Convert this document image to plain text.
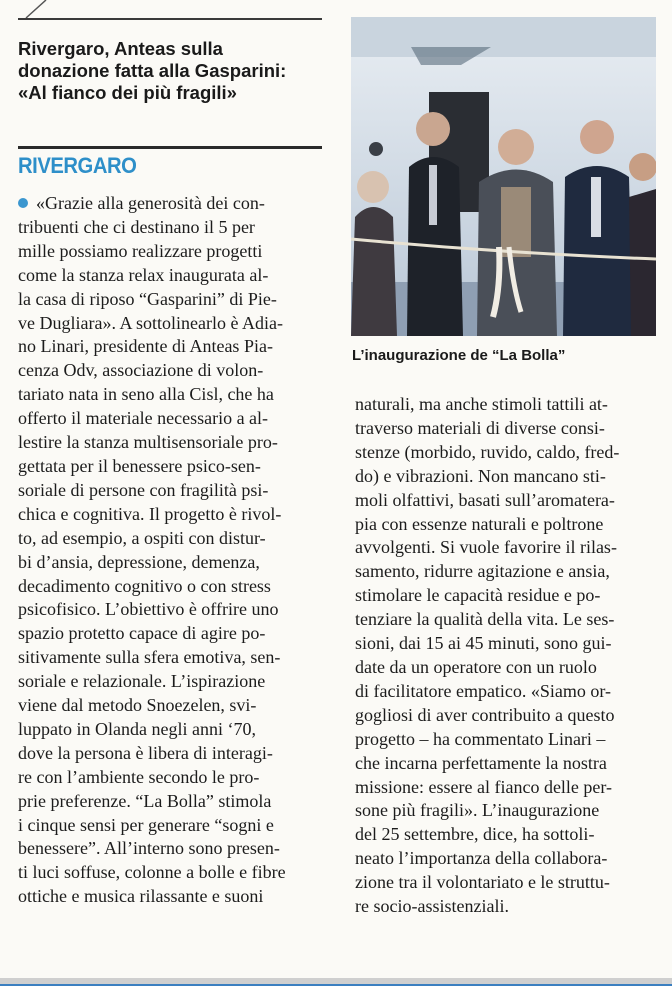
Rivergaro, Anteas sulla
donazione fatta alla Gasparini:
«Al fianco dei più fragili»
RIVERGARO
«Grazie alla generosità dei con-
tribuenti che ci destinano il 5 per
mille possiamo realizzare progetti
come la stanza relax inaugurata al-
la casa di riposo “Gasparini” di Pie-
ve Dugliara». A sottolinearlo è Adia-
no Linari, presidente di Anteas Pia-
cenza Odv, associazione di volon-
tariato nata in seno alla Cisl, che ha
offerto il materiale necessario a al-
lestire la stanza multisensoriale pro-
gettata per il benessere psico-sen-
soriale di persone con fragilità psi-
chica e cognitiva. Il progetto è rivol-
to, ad esempio, a ospiti con distur-
bi d’ansia, depressione, demenza,
decadimento cognitivo o con stress
psicofisico. L’obiettivo è offrire uno
spazio protetto capace di agire po-
sitivamente sulla sfera emotiva, sen-
soriale e relazionale. L’ispirazione
viene dal metodo Snoezelen, svi-
luppato in Olanda negli anni ‘70,
dove la persona è libera di interagi-
re con l’ambiente secondo le pro-
prie preferenze. “La Bolla” stimola
i cinque sensi per generare “sogni e
benessere”. All’interno sono presen-
ti luci soffuse, colonne a bolle e fibre
ottiche e musica rilassante e suoni
naturali, ma anche stimoli tattili at-
traverso materiali di diverse consi-
stenze (morbido, ruvido, caldo, fred-
do) e vibrazioni. Non mancano sti-
moli olfattivi, basati sull’aromatera-
pia con essenze naturali e poltrone
avvolgenti. Si vuole favorire il rilas-
samento, ridurre agitazione e ansia,
stimolare le capacità residue e po-
tenziare la qualità della vita. Le ses-
sioni, dai 15 ai 45 minuti, sono gui-
date da un operatore con un ruolo
di facilitatore empatico. «Siamo or-
gogliosi di aver contribuito a questo
progetto – ha commentato Linari –
che incarna perfettamente la nostra
missione: essere al fianco delle per-
sone più fragili». L’inaugurazione
del 25 settembre, dice, ha sottoli-
neato l’importanza della collabora-
zione tra il volontariato e le struttu-
re socio-assistenziali.
L’inaugurazione de “La Bolla”
